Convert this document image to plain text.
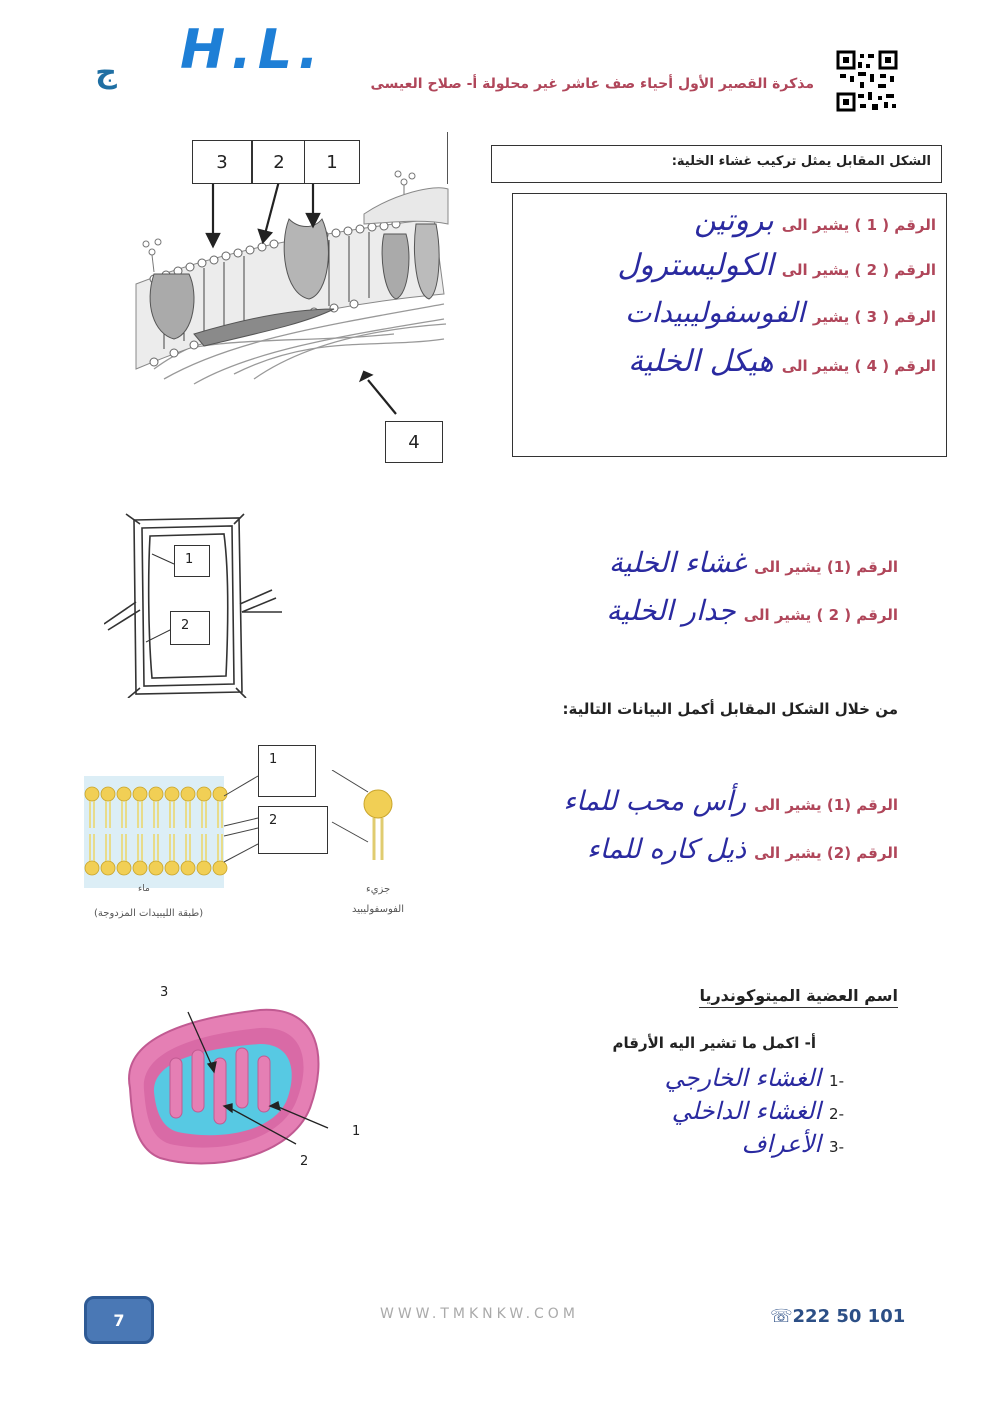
H.L.
ج	مذكرة القصير الأول أحياء صف عاشر غير محلولة أ- صلاح العيسى
3	2	1
4
الشكل المقابل يمثل تركيب غشاء الخلية:
الرقم ( 1 ) يشير الى
بروتين
الرقم ( 2 ) يشير الى
الكوليسترول
الرقم ( 3 ) يشير
الفوسفوليبيدات
الرقم ( 4 ) يشير الى
هيكل الخلية
1
2
الرقم (1) يشير الى
غشاء الخلية
الرقم ( 2 ) يشير الى
جدار الخلية
من خلال الشكل المقابل أكمل البيانات التالية:
1
2
ماء
(طبقة الليبيدات المزدوجة)
جزيء
الفوسفوليبيد
الرقم (1) يشير الى
رأس محب للماء
الرقم (2) يشير الى
ذيل كاره للماء
اسم العضية الميتوكوندريا
أ- اكمل ما تشير اليه الأرقام
-1
الغشاء الخارجي
-2
الغشاء الداخلي
-3
الأعراف
3
1
2
7	WWW.TMKNKW.COM	☏222 50 101
